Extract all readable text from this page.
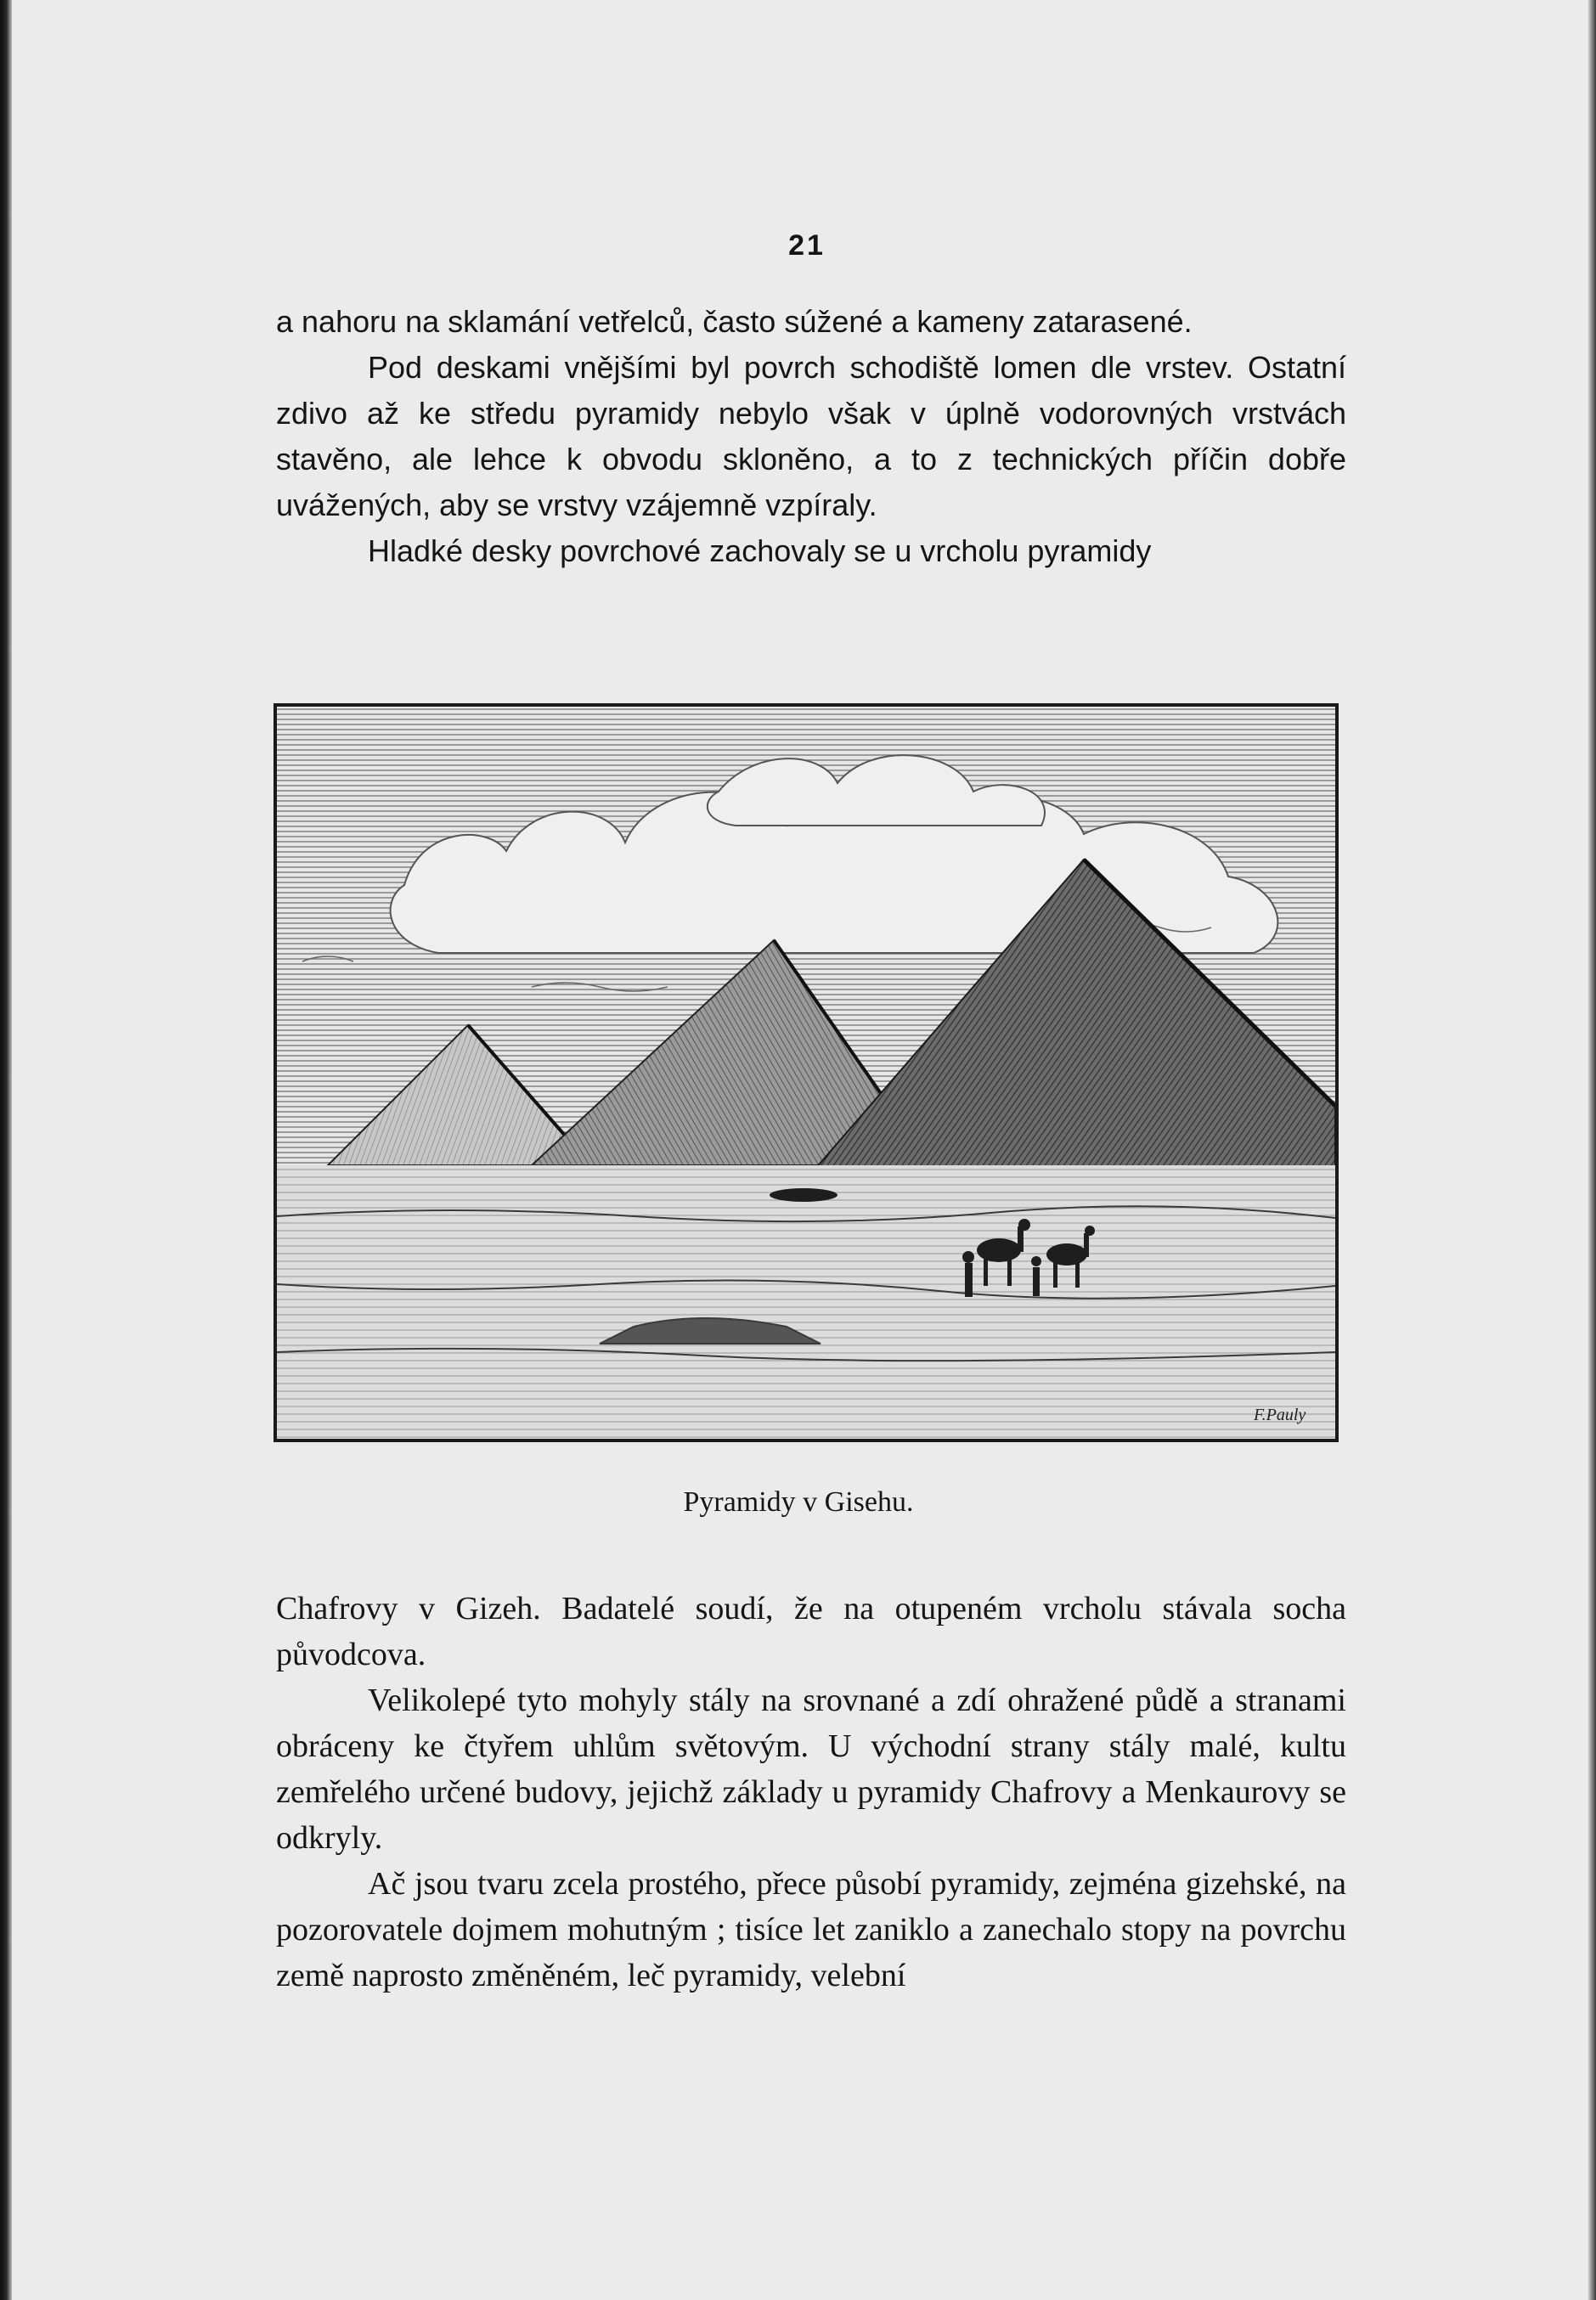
21

a nahoru na sklamání vetřelců, často súžené a kameny zatarasené.

Pod deskami vnějšími byl povrch schodiště lomen dle vrstev. Ostatní zdivo až ke středu pyramidy nebylo však v úplně vodorovných vrstvách stavěno, ale lehce k obvodu skloněno, a to z technických příčin dobře uvážených, aby se vrstvy vzájemně vzpíraly.

Hladké desky povrchové zachovaly se u vrcholu pyramidy

F.Pauly
Pyramidy v Gisehu.

Chafrovy v Gizeh. Badatelé soudí, že na otupeném vrcholu stávala socha původcova.

Velikolepé tyto mohyly stály na srovnané a zdí ohražené půdě a stranami obráceny ke čtyřem uhlům světovým. U východní strany stály malé, kultu zemřelého určené budovy, jejichž základy u pyramidy Chafrovy a Menkaurovy se odkryly.

Ač jsou tvaru zcela prostého, přece působí pyramidy, zejména gizehské, na pozorovatele dojmem mohutným ; tisíce let zaniklo a zanechalo stopy na povrchu země naprosto změněném, leč pyramidy, velební
